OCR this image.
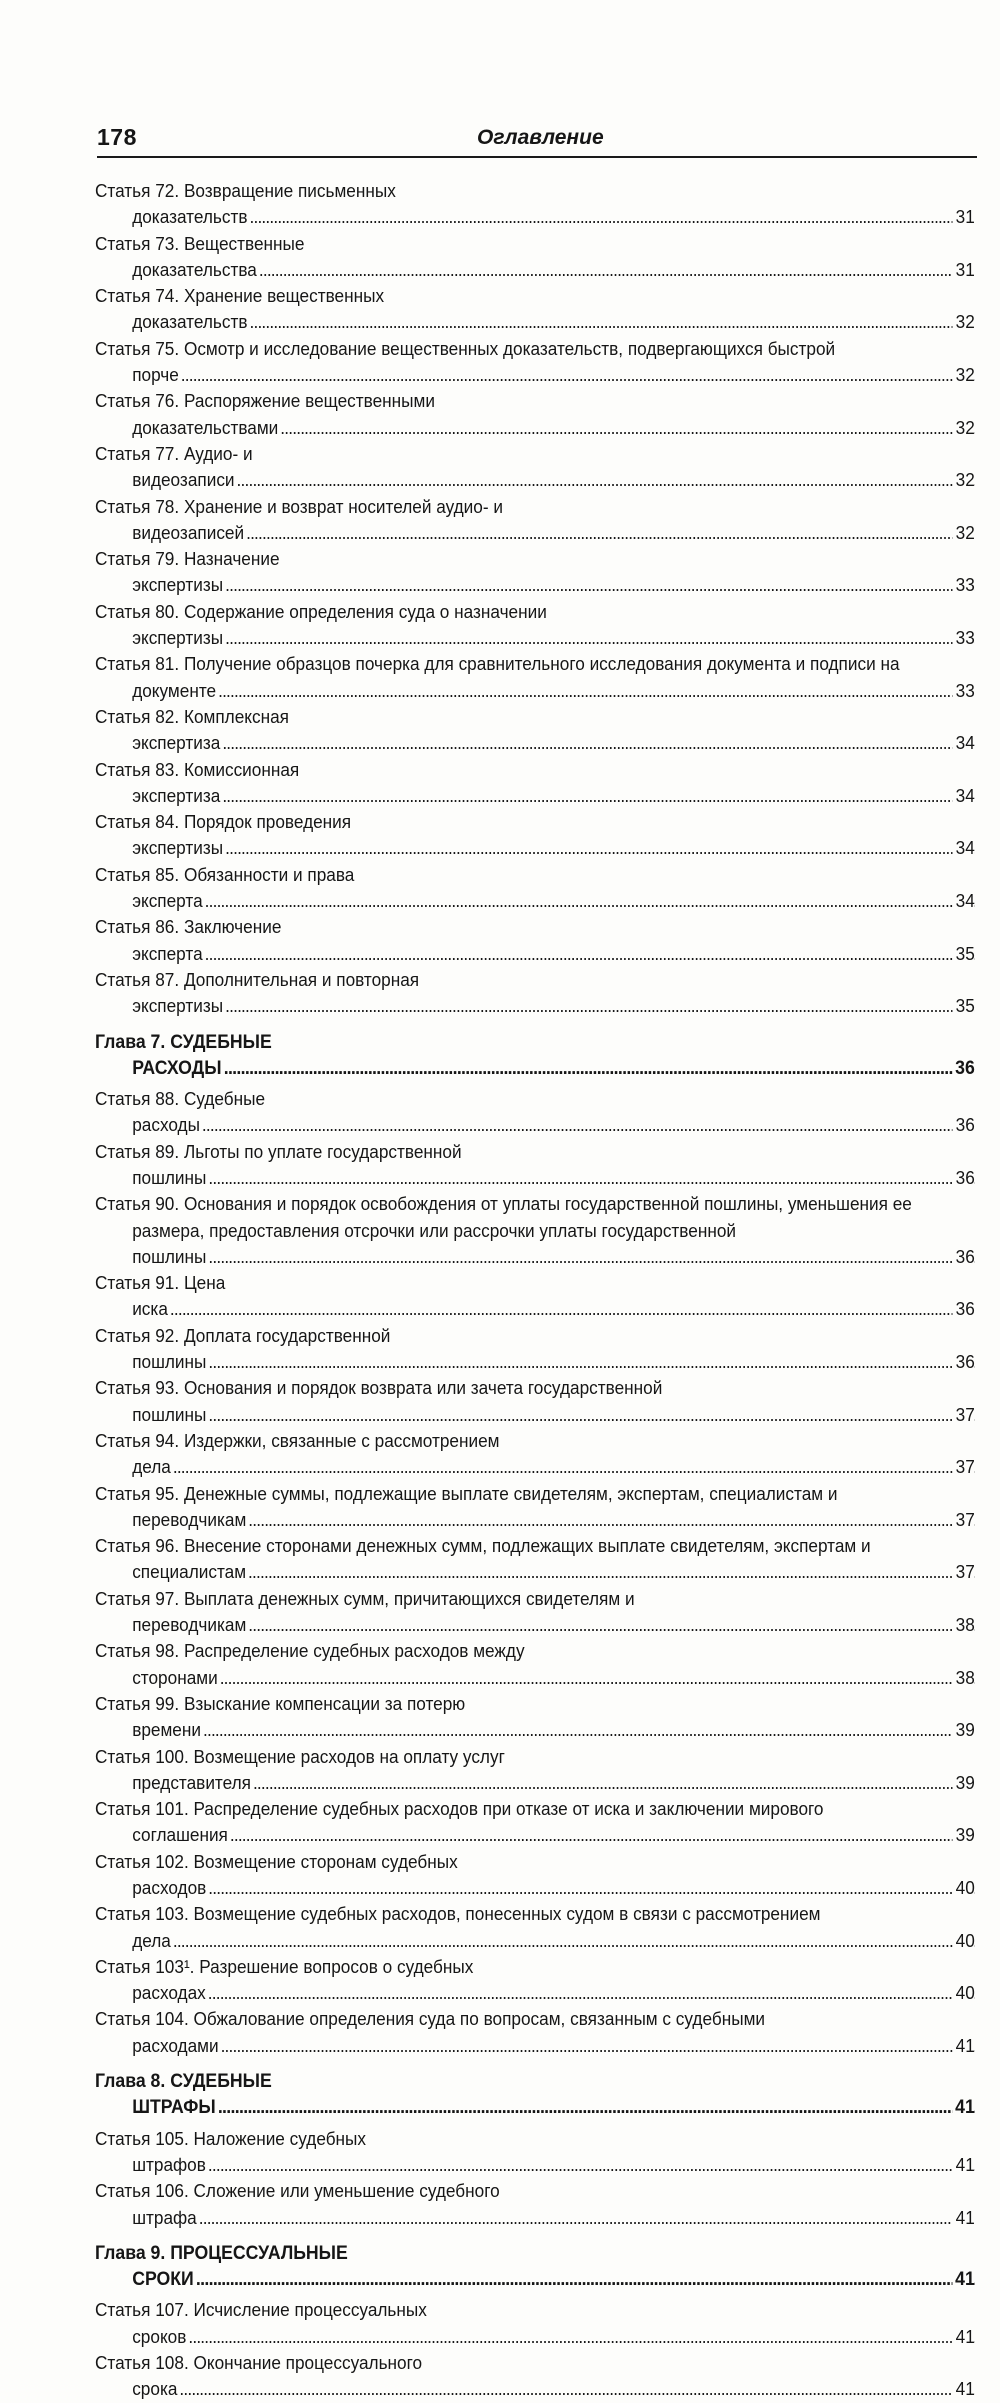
178	Оглавление
Статья 72. Возвращение письменных доказательств . . .	31
Статья 73. Вещественные доказательства . . .	31
Статья 74. Хранение вещественных доказательств . . .	32
Статья 75. Осмотр и исследование вещественных доказательств, подвергающихся быстрой порче . . .	32
Статья 76. Распоряжение вещественными доказательствами . . .	32
Статья 77. Аудио- и видеозаписи . . .	32
Статья 78. Хранение и возврат носителей аудио- и видеозаписей . . .	32
Статья 79. Назначение экспертизы . . .	33
Статья 80. Содержание определения суда о назначении экспертизы . . .	33
Статья 81. Получение образцов почерка для сравнительного исследования документа и подписи на документе . . .	33
Статья 82. Комплексная экспертиза . . .	34
Статья 83. Комиссионная экспертиза . . .	34
Статья 84. Порядок проведения экспертизы . . .	34
Статья 85. Обязанности и права эксперта . . .	34
Статья 86. Заключение эксперта . . .	35
Статья 87. Дополнительная и повторная экспертизы . . .	35
Глава 7. СУДЕБНЫЕ РАСХОДЫ . . .	36
Статья 88. Судебные расходы . . .	36
Статья 89. Льготы по уплате государственной пошлины . . .	36
Статья 90. Основания и порядок освобождения от уплаты государственной пошлины, уменьшения ее размера, предоставления отсрочки или рассрочки уплаты государственной пошлины . . .	36
Статья 91. Цена иска . . .	36
Статья 92. Доплата государственной пошлины . . .	36
Статья 93. Основания и порядок возврата или зачета государственной пошлины . . .	37
Статья 94. Издержки, связанные с рассмотрением дела . . .	37
Статья 95. Денежные суммы, подлежащие выплате свидетелям, экспертам, специалистам и переводчикам . . .	37
Статья 96. Внесение сторонами денежных сумм, подлежащих выплате свидетелям, экспертам и специалистам . . .	37
Статья 97. Выплата денежных сумм, причитающихся свидетелям и переводчикам . . .	38
Статья 98. Распределение судебных расходов между сторонами . . .	38
Статья 99. Взыскание компенсации за потерю времени . . .	39
Статья 100. Возмещение расходов на оплату услуг представителя . . .	39
Статья 101. Распределение судебных расходов при отказе от иска и заключении мирового соглашения . . .	39
Статья 102. Возмещение сторонам судебных расходов . . .	40
Статья 103. Возмещение судебных расходов, понесенных судом в связи с рассмотрением дела . . .	40
Статья 103¹. Разрешение вопросов о судебных расходах . . .	40
Статья 104. Обжалование определения суда по вопросам, связанным с судебными расходами . . .	41
Глава 8. СУДЕБНЫЕ ШТРАФЫ . . .	41
Статья 105. Наложение судебных штрафов . . .	41
Статья 106. Сложение или уменьшение судебного штрафа . . .	41
Глава 9. ПРОЦЕССУАЛЬНЫЕ СРОКИ . . .	41
Статья 107. Исчисление процессуальных сроков . . .	41
Статья 108. Окончание процессуального срока . . .	41
